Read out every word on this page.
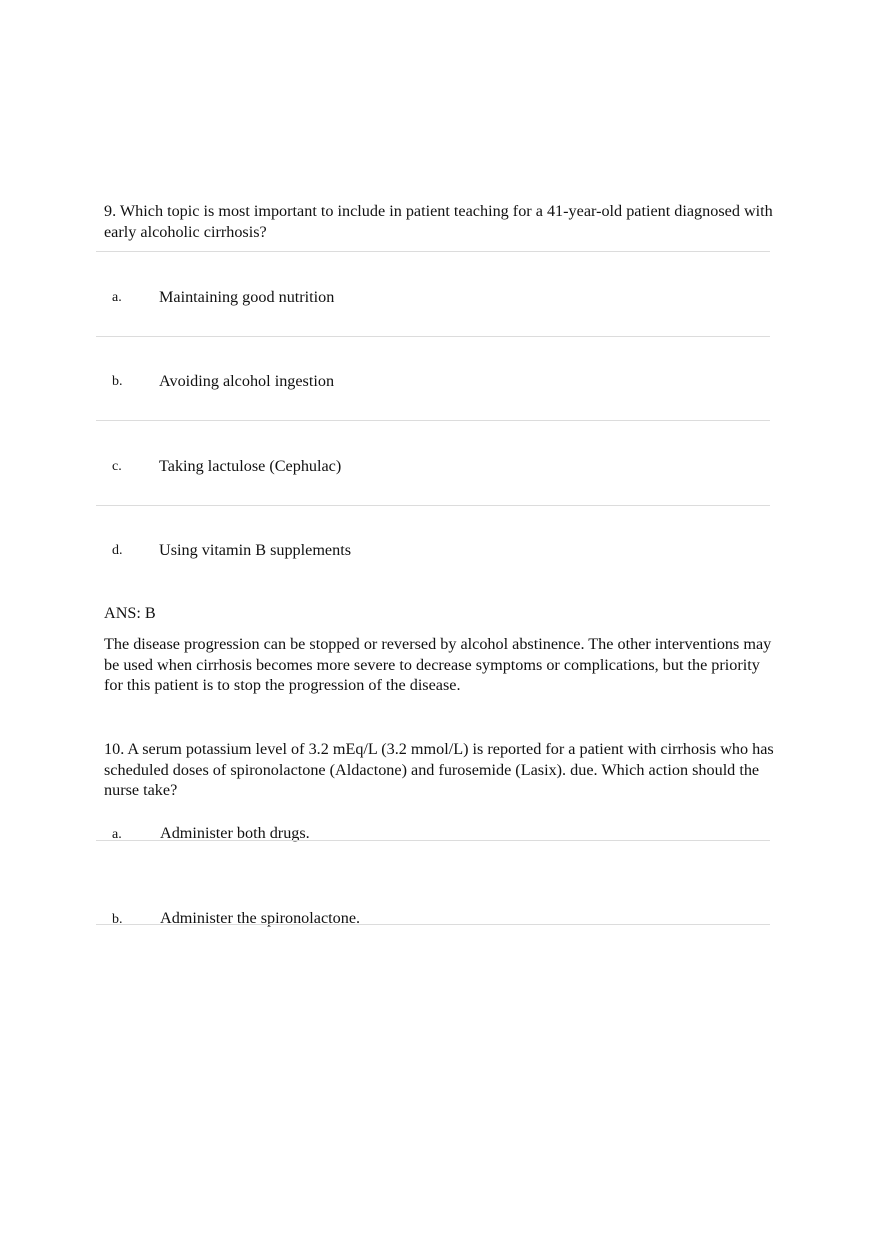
9. Which topic is most important to include in patient teaching for a 41-year-old patient diagnosed with early alcoholic cirrhosis?
a. Maintaining good nutrition
b. Avoiding alcohol ingestion
c. Taking lactulose (Cephulac)
d. Using vitamin B supplements
ANS: B
The disease progression can be stopped or reversed by alcohol abstinence. The other interventions may be used when cirrhosis becomes more severe to decrease symptoms or complications, but the priority for this patient is to stop the progression of the disease.
10. A serum potassium level of 3.2 mEq/L (3.2 mmol/L) is reported for a patient with cirrhosis who has scheduled doses of spironolactone (Aldactone) and furosemide (Lasix). due. Which action should the nurse take?
a. Administer both drugs.
b. Administer the spironolactone.
